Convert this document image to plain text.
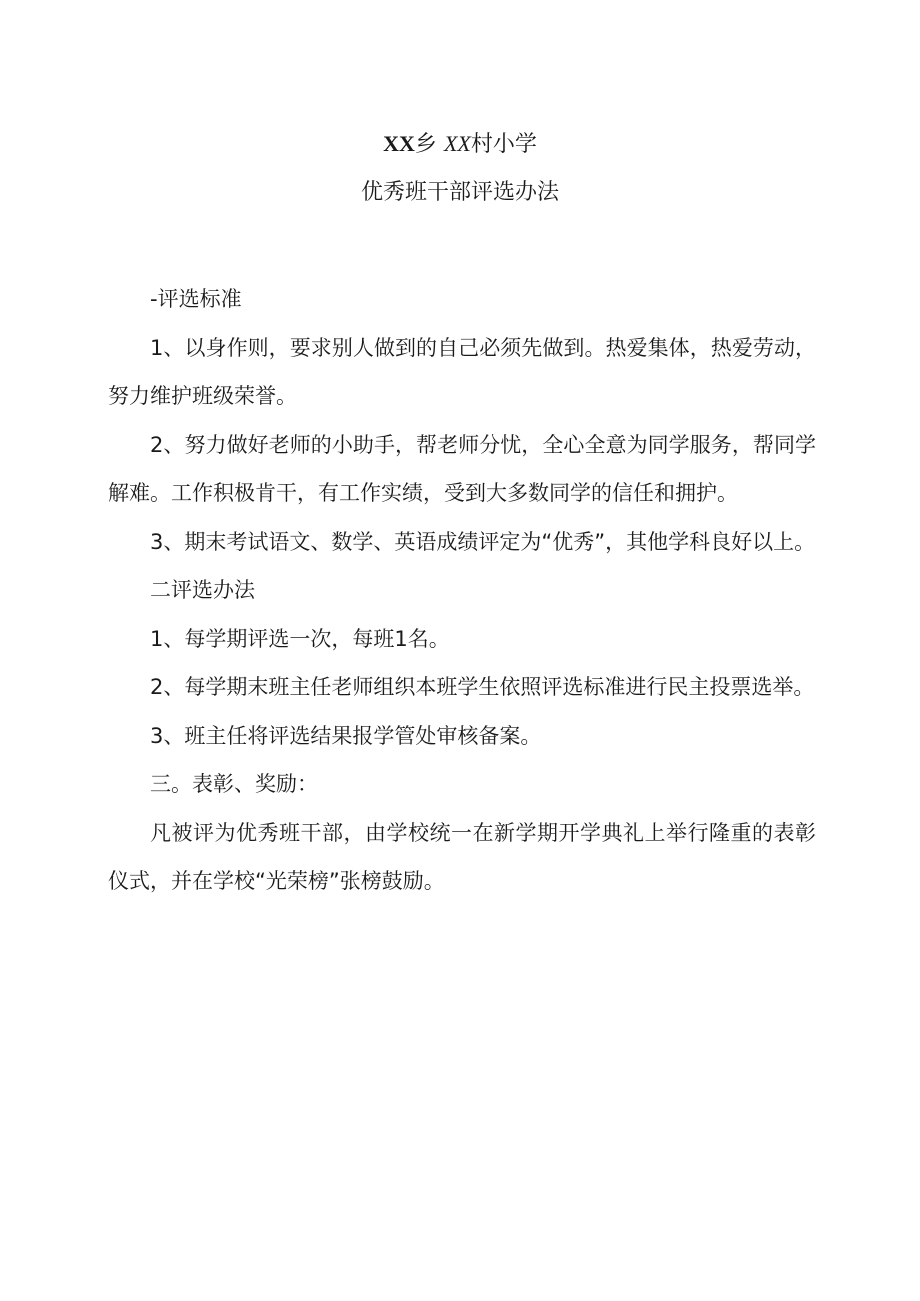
XX乡 XX村小学
优秀班干部评选办法

-评选标准

1、以身作则，要求别人做到的自己必须先做到。热爱集体，热爱劳动，努力维护班级荣誉。

2、努力做好老师的小助手，帮老师分忧，全心全意为同学服务，帮同学解难。工作积极肯干，有工作实绩，受到大多数同学的信任和拥护。

3、期末考试语文、数学、英语成绩评定为“优秀”，其他学科良好以上。

二评选办法

1、每学期评选一次，每班1名。

2、每学期末班主任老师组织本班学生依照评选标准进行民主投票选举。

3、班主任将评选结果报学管处审核备案。

三。表彰、奖励：

凡被评为优秀班干部，由学校统一在新学期开学典礼上举行隆重的表彰仪式，并在学校“光荣榜”张榜鼓励。
